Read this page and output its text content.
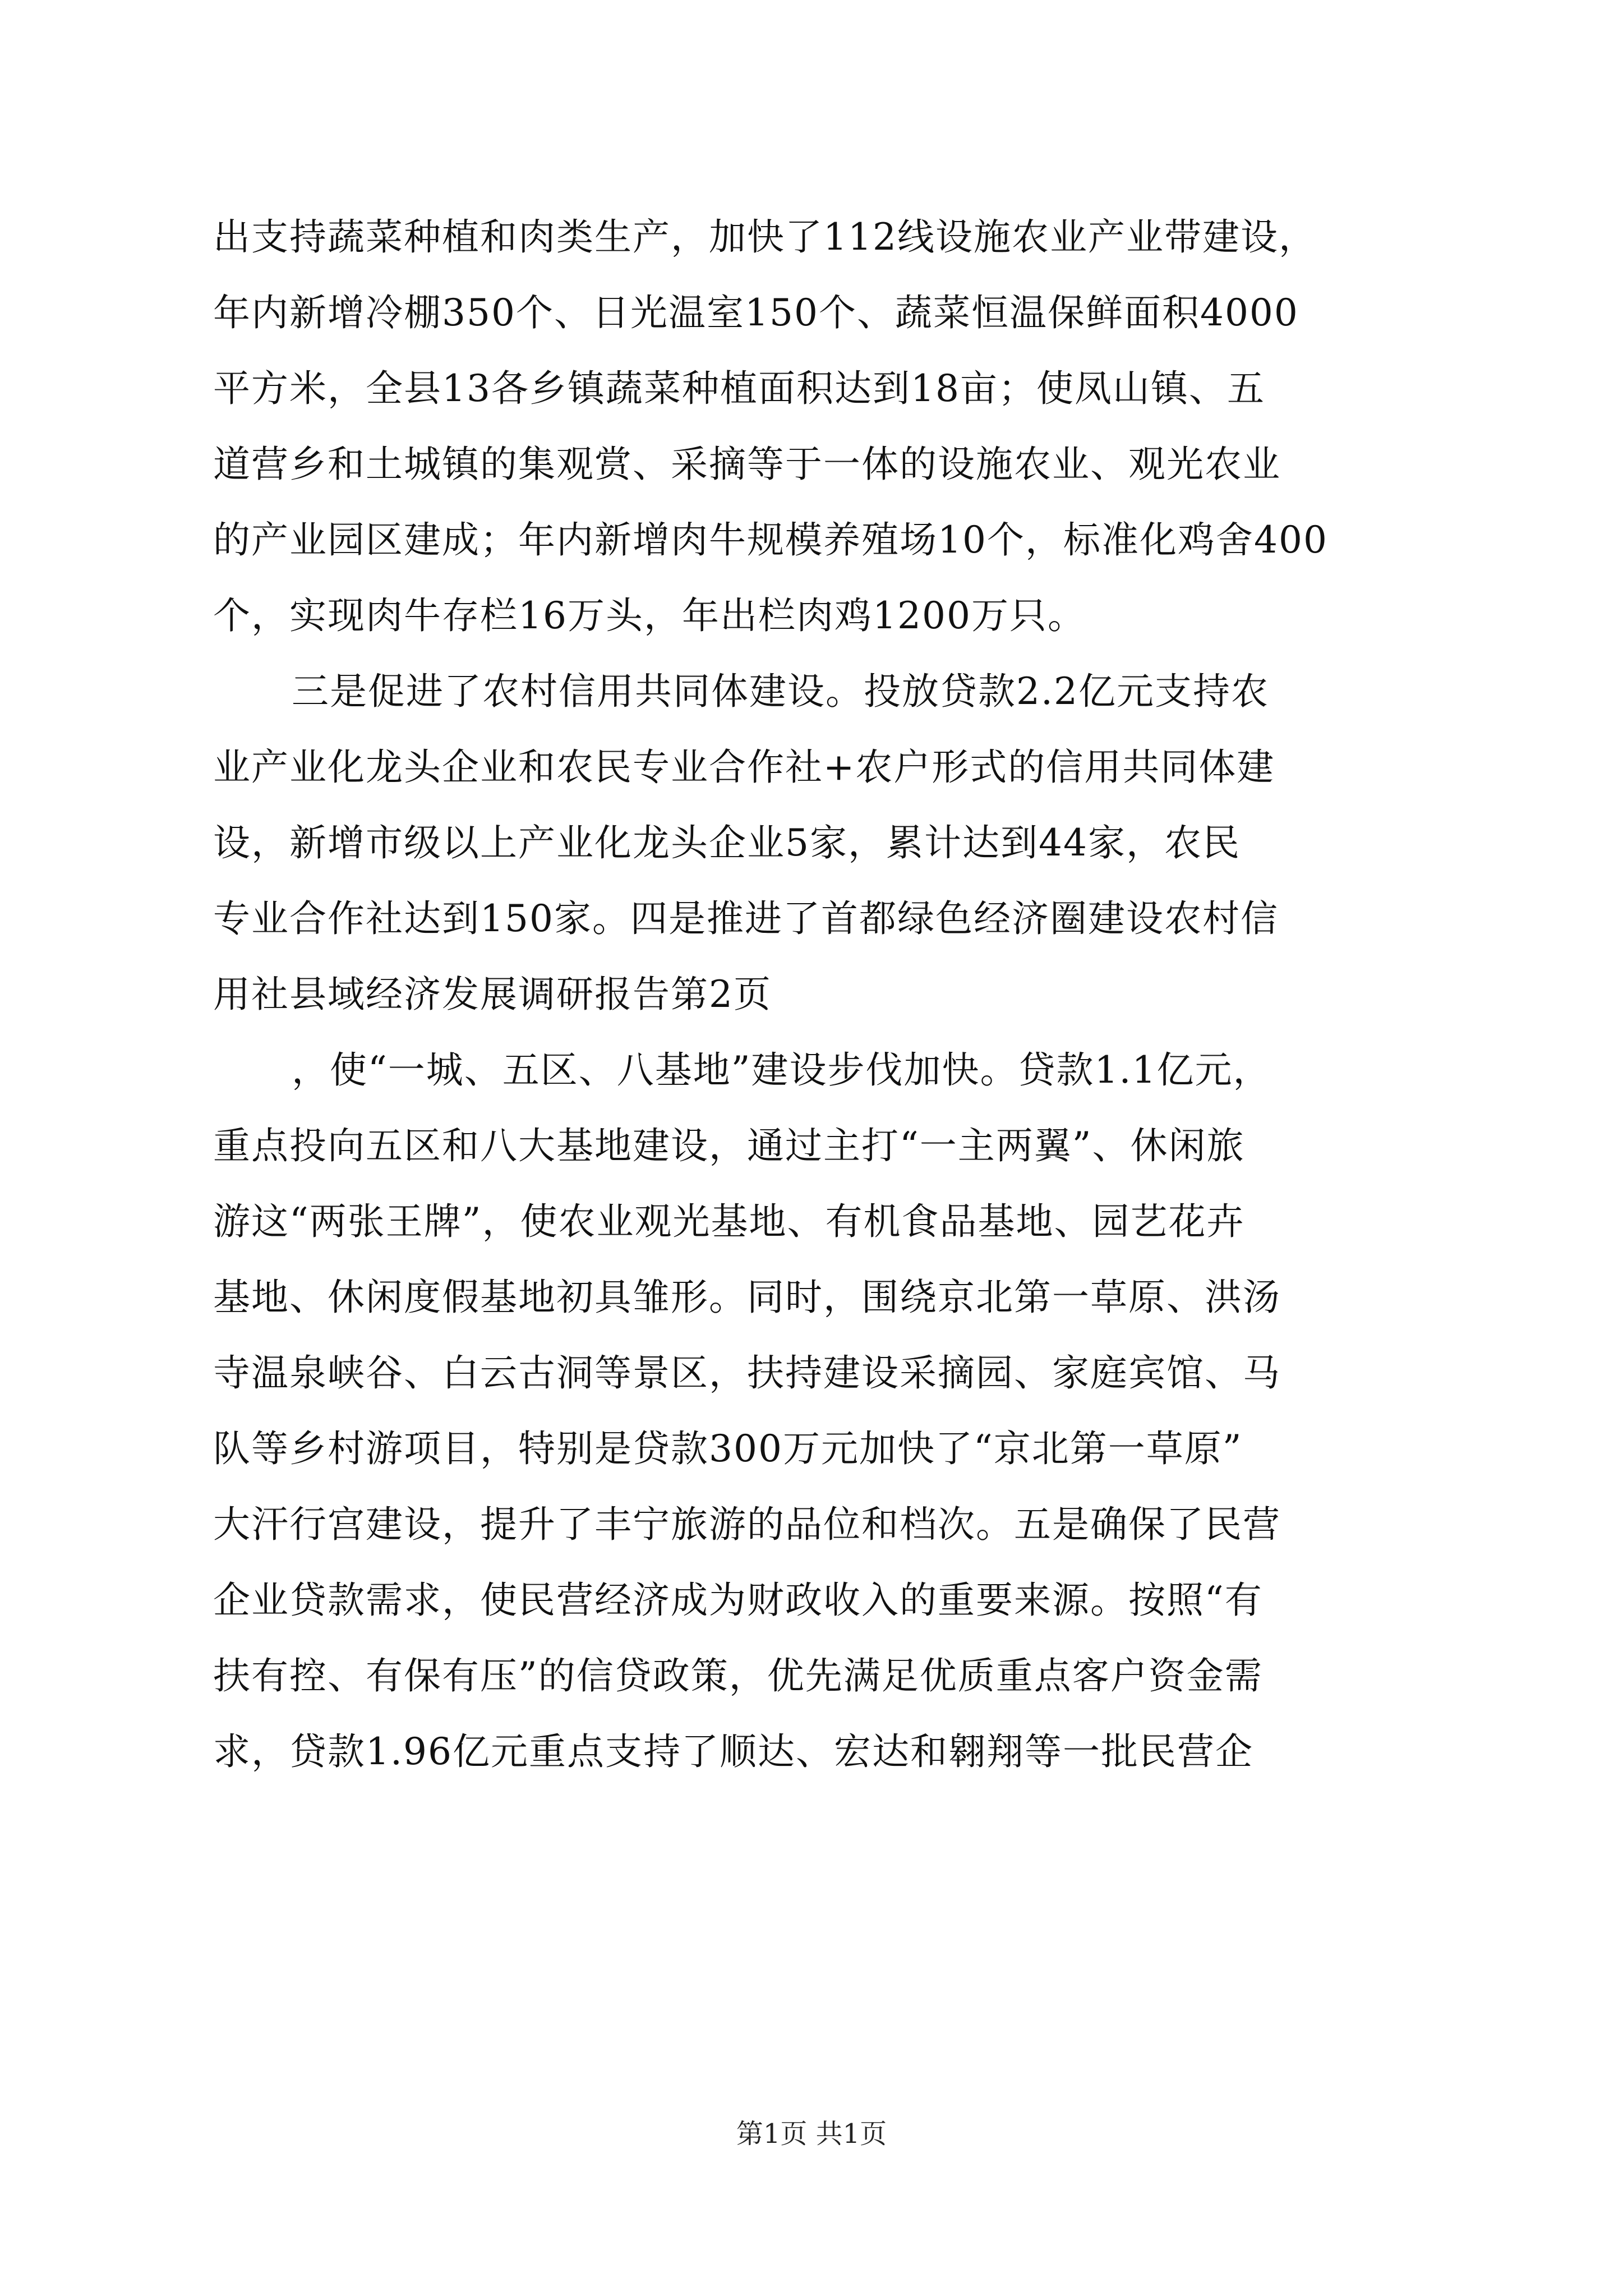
出支持蔬菜种植和肉类生产，加快了112线设施农业产业带建设，
年内新增冷棚350个、日光温室150个、蔬菜恒温保鲜面积4000
平方米，全县13各乡镇蔬菜种植面积达到18亩；使凤山镇、五
道营乡和土城镇的集观赏、采摘等于一体的设施农业、观光农业
的产业园区建成；年内新增肉牛规模养殖场10个，标准化鸡舍400
个，实现肉牛存栏16万头，年出栏肉鸡1200万只。
三是促进了农村信用共同体建设。投放贷款2.2亿元支持农
业产业化龙头企业和农民专业合作社+农户形式的信用共同体建
设，新增市级以上产业化龙头企业5家，累计达到44家，农民
专业合作社达到150家。四是推进了首都绿色经济圈建设农村信
用社县域经济发展调研报告第2页
，使“一城、五区、八基地”建设步伐加快。贷款1.1亿元，
重点投向五区和八大基地建设，通过主打“一主两翼”、休闲旅
游这“两张王牌”，使农业观光基地、有机食品基地、园艺花卉
基地、休闲度假基地初具雏形。同时，围绕京北第一草原、洪汤
寺温泉峡谷、白云古洞等景区，扶持建设采摘园、家庭宾馆、马
队等乡村游项目，特别是贷款300万元加快了“京北第一草原”
大汗行宫建设，提升了丰宁旅游的品位和档次。五是确保了民营
企业贷款需求，使民营经济成为财政收入的重要来源。按照“有
扶有控、有保有压”的信贷政策，优先满足优质重点客户资金需
求，贷款1.96亿元重点支持了顺达、宏达和翱翔等一批民营企
第1页 共1页
